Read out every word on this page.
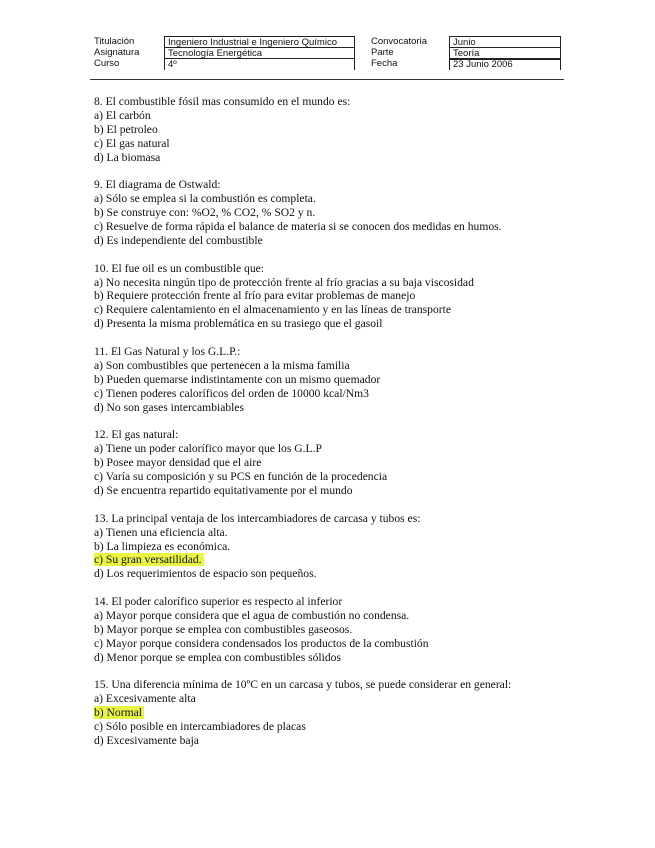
Titulación
Asignatura
Curso
Ingeniero Industrial e Ingeniero Químico
Tecnología Energética
4º
Convocatoria
Parte
Fecha
Junio
Teoría
23 Junio 2006
8. El combustible fósil mas consumido en el mundo es:
a) El carbón
b) El petroleo
c) El gas natural
d) La biomasa
9. El diagrama de Ostwald:
a) Sólo se emplea si la combustión es completa.
b) Se construye con: %O2, % CO2, % SO2 y n.
c) Resuelve de forma rápida el balance de materia si se conocen dos medidas en humos.
d) Es independiente del combustible
10. El fue oil es un combustible que:
a) No necesita ningún tipo de protección frente al frío gracias a su baja viscosidad
b) Requiere protección frente al frío para evitar problemas de manejo
c) Requiere calentamiento en el almacenamiento y en las líneas de transporte
d) Presenta la misma problemática en su trasiego que el gasoil
11. El Gas Natural y los G.L.P.:
a) Son combustibles que pertenecen a la misma familia
b) Pueden quemarse indistintamente con un mismo quemador
c) Tienen poderes caloríficos del orden de 10000 kcal/Nm3
d) No son gases intercambiables
12. El gas natural:
a) Tiene un poder calorífico mayor que los G.L.P
b) Posee mayor densidad que el aire
c) Varía su composición y su PCS en función de la procedencia
d) Se encuentra repartido equitativamente por el mundo
13. La principal ventaja de los intercambiadores de carcasa y tubos es:
a) Tienen una eficiencia alta.
b) La limpieza es económica.
c) Su gran versatilidad.
d) Los requerimientos de espacio son pequeños.
14. El poder calorífico superior es respecto al inferior
a) Mayor porque considera que el agua de combustión no condensa.
b) Mayor porque se emplea con combustibles gaseosos.
c) Mayor porque considera condensados los productos de la combustión
d) Menor porque se emplea con combustibles sólidos
15. Una diferencia mínima de 10ºC en un carcasa y tubos, se puede considerar en general:
a) Excesivamente alta
b) Normal
c) Sólo posible en intercambiadores de placas
d) Excesivamente baja
